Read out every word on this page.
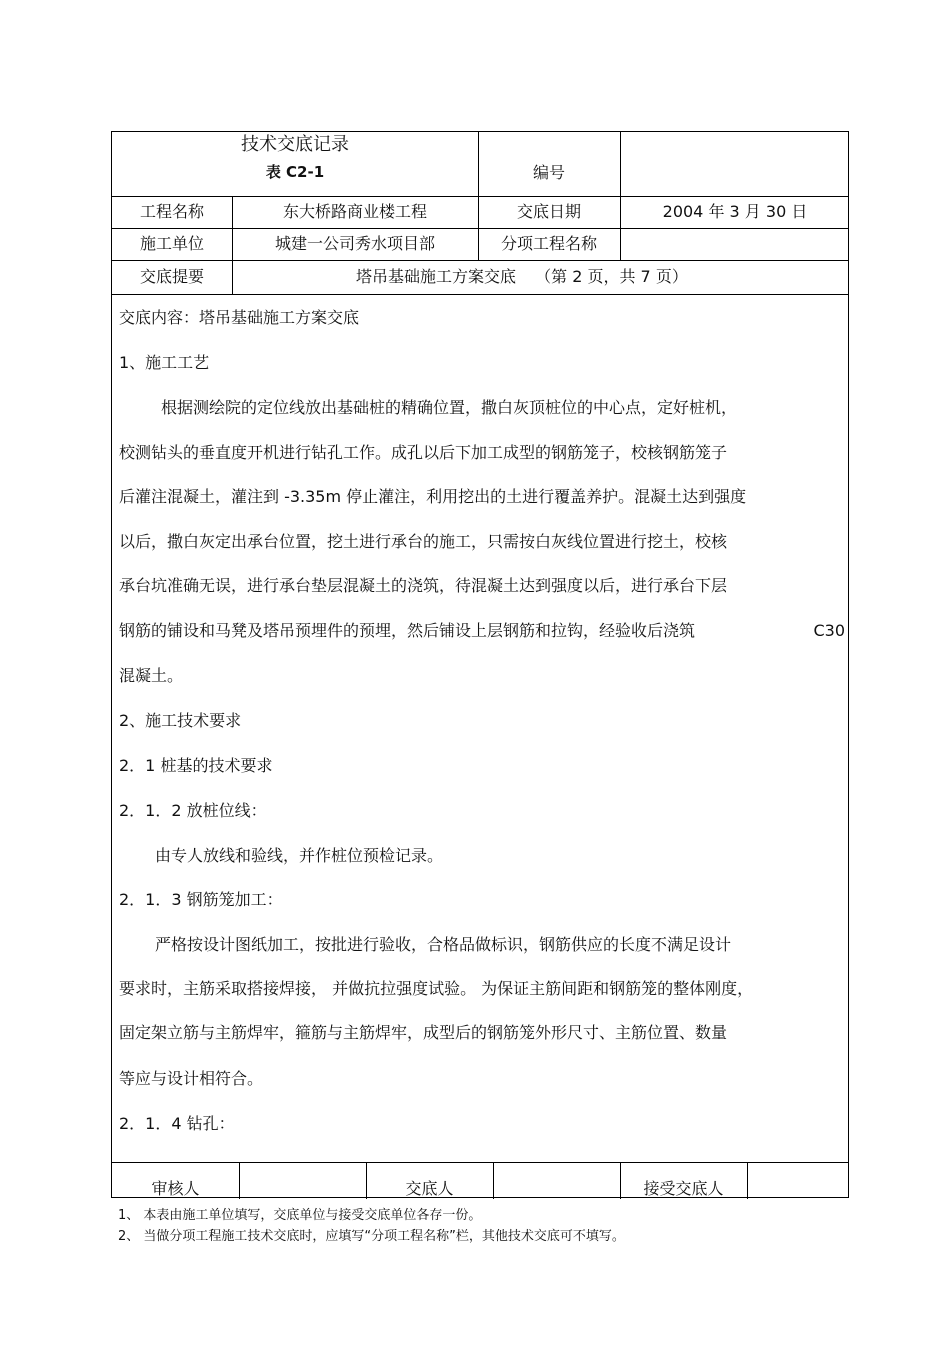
技术交底记录
表 C2-1	编号
工程名称	东大桥路商业楼工程	交底日期	2004 年 3 月 30 日
施工单位	城建一公司秀水项目部	分项工程名称
交底提要	塔吊基础施工方案交底 （第 2 页，共 7 页）

交底内容：塔吊基础施工方案交底

1、施工工艺

根据测绘院的定位线放出基础桩的精确位置，撒白灰顶桩位的中心点，定好桩机，

校测钻头的垂直度开机进行钻孔工作。成孔以后下加工成型的钢筋笼子，校核钢筋笼子

后灌注混凝土，灌注到 -3.35m 停止灌注，利用挖出的土进行覆盖养护。混凝土达到强度

以后，撒白灰定出承台位置，挖土进行承台的施工，只需按白灰线位置进行挖土，校核

承台坑准确无误，进行承台垫层混凝土的浇筑，待混凝土达到强度以后，进行承台下层

钢筋的铺设和马凳及塔吊预埋件的预埋，然后铺设上层钢筋和拉钩，经验收后浇筑	C30

混凝土。

2、施工技术要求

2．1 桩基的技术要求

2．1．2 放桩位线：

由专人放线和验线，并作桩位预检记录。

2．1．3 钢筋笼加工：

严格按设计图纸加工，按批进行验收，合格品做标识，钢筋供应的长度不满足设计

要求时，主筋采取搭接焊接， 并做抗拉强度试验。 为保证主筋间距和钢筋笼的整体刚度，

固定架立筋与主筋焊牢，箍筋与主筋焊牢，成型后的钢筋笼外形尺寸、主筋位置、数量

等应与设计相符合。

2．1．4 钻孔：

审核人	交底人	接受交底人
1、 本表由施工单位填写，交底单位与接受交底单位各存一份。
2、 当做分项工程施工技术交底时，应填写“分项工程名称”栏，其他技术交底可不填写。
